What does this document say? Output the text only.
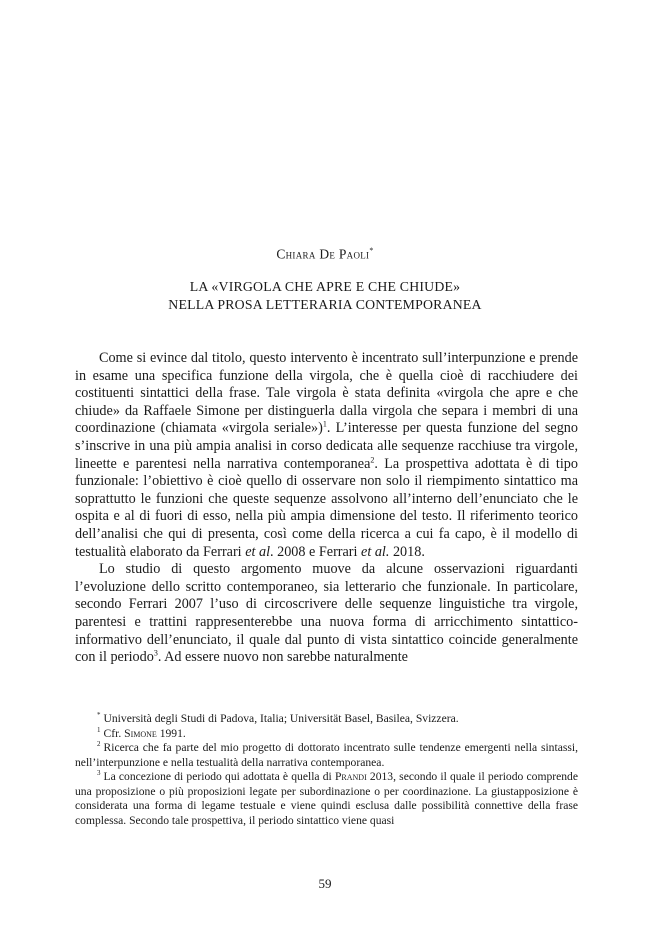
Chiara De Paoli*
LA «VIRGOLA CHE APRE E CHE CHIUDE»
NELLA PROSA LETTERARIA CONTEMPORANEA

Come si evince dal titolo, questo intervento è incentrato sull’interpunzione e prende in esame una specifica funzione della virgola, che è quella cioè di racchiudere dei costituenti sintattici della frase. Tale virgola è stata definita «virgola che apre e che chiude» da Raffaele Simone per distinguerla dalla virgola che separa i membri di una coordinazione (chiamata «virgola seriale»)$^1$. L’interesse per questa funzione del segno s’inscrive in una più ampia analisi in corso dedicata alle sequenze racchiuse tra virgole, lineette e parentesi nella narrativa contemporanea$^2$. La prospettiva adottata è di tipo funzionale: l’obiettivo è cioè quello di osservare non solo il riempimento sintattico ma soprattutto le funzioni che queste sequenze assolvono all’interno dell’enunciato che le ospita e al di fuori di esso, nella più ampia dimensione del testo. Il riferimento teorico dell’analisi che qui di presenta, così come della ricerca a cui fa capo, è il modello di testualità elaborato da Ferrari et al. 2008 e Ferrari et al. 2018.

Lo studio di questo argomento muove da alcune osservazioni riguardanti l’evoluzione dello scritto contemporaneo, sia letterario che funzionale. In particolare, secondo Ferrari 2007 l’uso di circoscrivere delle sequenze linguistiche tra virgole, parentesi e trattini rappresenterebbe una nuova forma di arricchimento sintattico-informativo dell’enunciato, il quale dal punto di vista sintattico coincide generalmente con il periodo$^3$. Ad essere nuovo non sarebbe naturalmente

* Università degli Studi di Padova, Italia; Universität Basel, Basilea, Svizzera.

$^1$ Cfr. Simone 1991.

$^2$ Ricerca che fa parte del mio progetto di dottorato incentrato sulle tendenze emergenti nella sintassi, nell’interpunzione e nella testualità della narrativa contemporanea.

$^3$ La concezione di periodo qui adottata è quella di Prandi 2013, secondo il quale il periodo comprende una proposizione o più proposizioni legate per subordinazione o per coordinazione. La giustapposizione è considerata una forma di legame testuale e viene quindi esclusa dalle possibilità connettive della frase complessa. Secondo tale prospettiva, il periodo sintattico viene quasi

59
